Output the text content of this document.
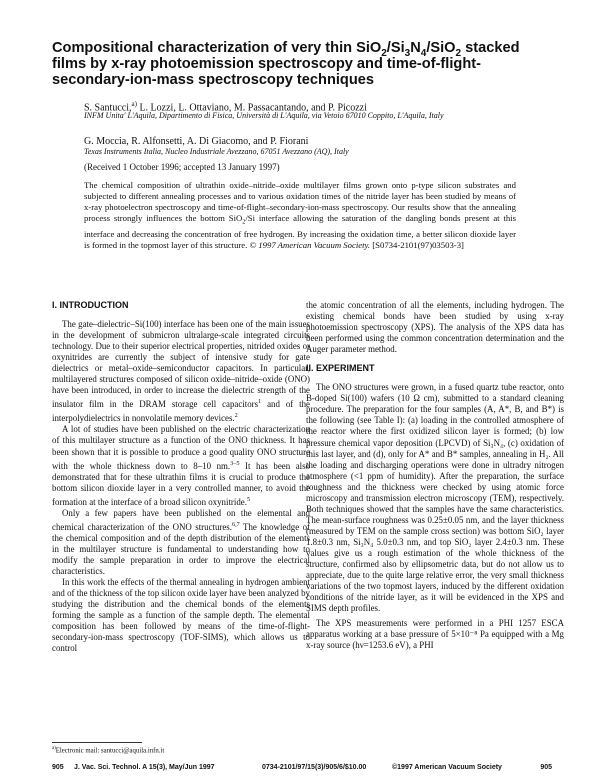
Compositional characterization of very thin $SiO_2/Si_3N_4/SiO_2$ stacked films by x-ray photoemission spectroscopy and time-of-flight-secondary-ion-mass spectroscopy techniques
S. Santucci,$^{a)}$ L. Lozzi, L. Ottaviano, M. Passacantando, and P. Picozzi
INFM Unita' L'Aquila, Dipartimento di Fisica, Università di L'Aquila, via Vetoio 67010 Coppito, L'Aquila, Italy
G. Moccia, R. Alfonsetti, A. Di Giacomo, and P. Fiorani
Texas Instruments Italia, Nucleo Industriale Avezzano, 67051 Avezzano (AQ), Italy
(Received 1 October 1996; accepted 13 January 1997)

The chemical composition of ultrathin oxide–nitride–oxide multilayer films grown onto p-type silicon substrates and subjected to different annealing processes and to various oxidation times of the nitride layer has been studied by means of x-ray photoelectron spectroscopy and time-of-flight–secondary-ion-mass spectroscopy. Our results show that the annealing process strongly influences the bottom SiO$_2$/Si interface allowing the saturation of the dangling bonds present at this interface and decreasing the concentration of free hydrogen. By increasing the oxidation time, a better silicon dioxide layer is formed in the topmost layer of this structure. © 1997 American Vacuum Society. [S0734-2101(97)03503-3]

I. INTRODUCTION

The gate–dielectric–Si(100) interface has been one of the main issues in the development of submicron ultralarge-scale integrated circuits technology. Due to their superior electrical properties, nitrided oxides or oxynitrides are currently the subject of intensive study for gate dielectrics or metal–oxide–semiconductor capacitors. In particular, multilayered structures composed of silicon oxide–nitride–oxide (ONO) have been introduced, in order to increase the dielectric strength of the insulator film in the DRAM storage cell capacitors$^1$ and of the interpolydielectrics in nonvolatile memory devices.$^2$

A lot of studies have been published on the electric characterization of this multilayer structure as a function of the ONO thickness. It has been shown that it is possible to produce a good quality ONO structure with the whole thickness down to 8–10 nm.$^{3-5}$ It has been also demonstrated that for these ultrathin films it is crucial to produce the bottom silicon dioxide layer in a very controlled manner, to avoid the formation at the interface of a broad silicon oxynitride.$^5$

Only a few papers have been published on the elemental and chemical characterization of the ONO structures.$^{6,7}$ The knowledge of the chemical composition and of the depth distribution of the elements in the multilayer structure is fundamental to understanding how to modify the sample preparation in order to improve the electrical characteristics.

In this work the effects of the thermal annealing in hydrogen ambient and of the thickness of the top silicon oxide layer have been analyzed by studying the distribution and the chemical bonds of the elements forming the sample as a function of the sample depth. The elemental composition has been followed by means of the time-of-flight-secondary-ion-mass spectroscopy (TOF-SIMS), which allows us to control

the atomic concentration of all the elements, including hydrogen. The existing chemical bonds have been studied by using x-ray photoemission spectroscopy (XPS). The analysis of the XPS data has been performed using the common concentration determination and the Auger parameter method.

II. EXPERIMENT

The ONO structures were grown, in a fused quartz tube reactor, onto B-doped Si(100) wafers (10 Ω cm), submitted to a standard cleaning procedure. The preparation for the four samples (A, A*, B, and B*) is the following (see Table I): (a) loading in the controlled atmosphere of the reactor where the first oxidized silicon layer is formed; (b) low pressure chemical vapor deposition (LPCVD) of Si₃N₄, (c) oxidation of this last layer, and (d), only for A* and B* samples, annealing in H₂. All the loading and discharging operations were done in ultradry nitrogen atmosphere (<1 ppm of humidity). After the preparation, the surface roughness and the thickness were checked by using atomic force microscopy and transmission electron microscopy (TEM), respectively. Both techniques showed that the samples have the same characteristics. The mean-surface roughness was 0.25±0.05 nm, and the layer thickness (measured by TEM on the sample cross section) was bottom SiO₂ layer 1.8±0.3 nm, Si₃N₄ 5.0±0.3 nm, and top SiO₂ layer 2.4±0.3 nm. These values give us a rough estimation of the whole thickness of the structure, confirmed also by ellipsometric data, but do not allow us to appreciate, due to the quite large relative error, the very small thickness variations of the two topmost layers, induced by the different oxidation conditions of the nitride layer, as it will be evidenced in the XPS and SIMS depth profiles.

The XPS measurements were performed in a PHI 1257 ESCA apparatus working at a base pressure of 5×10⁻⁸ Pa equipped with a Mg x-ray source (hν=1253.6 eV), a PHI

$^{a)}$Electronic mail: santucci@aquila.infn.it
905 J. Vac. Sci. Technol. A 15(3), May/Jun 1997	0734-2101/97/15(3)/905/6/$10.00	©1997 American Vacuum Society	905
